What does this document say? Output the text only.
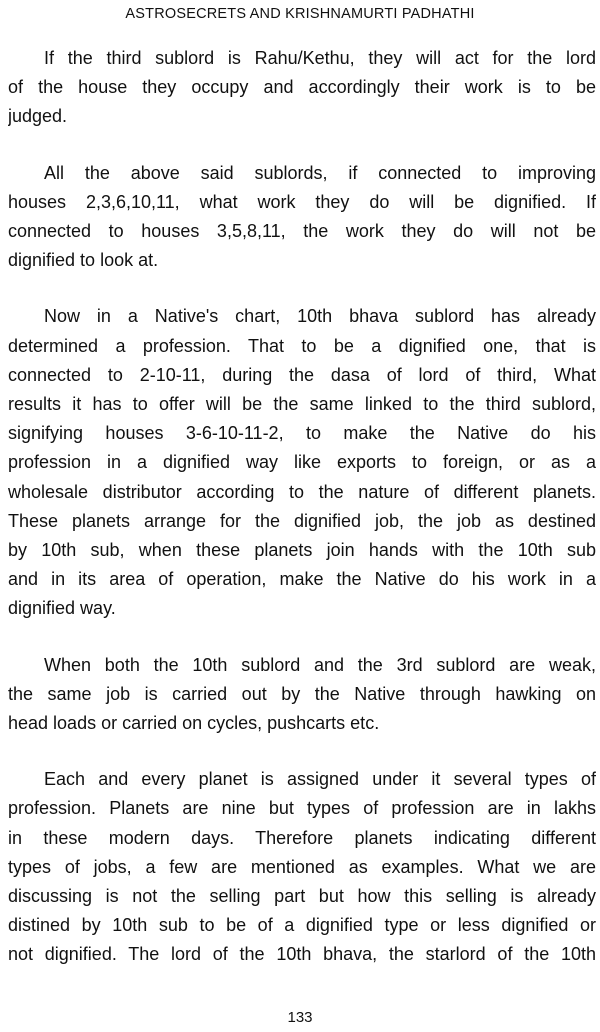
ASTROSECRETS AND KRISHNAMURTI PADHATHI

If the third sublord is Rahu/Kethu, they will act for the lord
of the house they occupy and accordingly their work is to be
judged.

All the above said sublords, if connected to improving
houses 2,3,6,10,11, what work they do will be dignified. If
connected to houses 3,5,8,11, the work they do will not be
dignified to look at.

Now in a Native's chart, 10th bhava sublord has already
determined a profession. That to be a dignified one, that is
connected to 2-10-11, during the dasa of lord of third, What
results it has to offer will be the same linked to the third sublord,
signifying houses 3-6-10-11-2, to make the Native do his
profession in a dignified way like exports to foreign, or as a
wholesale distributor according to the nature of different planets.
These planets arrange for the dignified job, the job as destined
by 10th sub, when these planets join hands with the 10th sub
and in its area of operation, make the Native do his work in a
dignified way.

When both the 10th sublord and the 3rd sublord are weak,
the same job is carried out by the Native through hawking on
head loads or carried on cycles, pushcarts etc.

Each and every planet is assigned under it several types of
profession. Planets are nine but types of profession are in lakhs
in these modern days. Therefore planets indicating different
types of jobs, a few are mentioned as examples. What we are
discussing is not the selling part but how this selling is already
distined by 10th sub to be of a dignified type or less dignified or
not dignified. The lord of the 10th bhava, the starlord of the 10th

133
